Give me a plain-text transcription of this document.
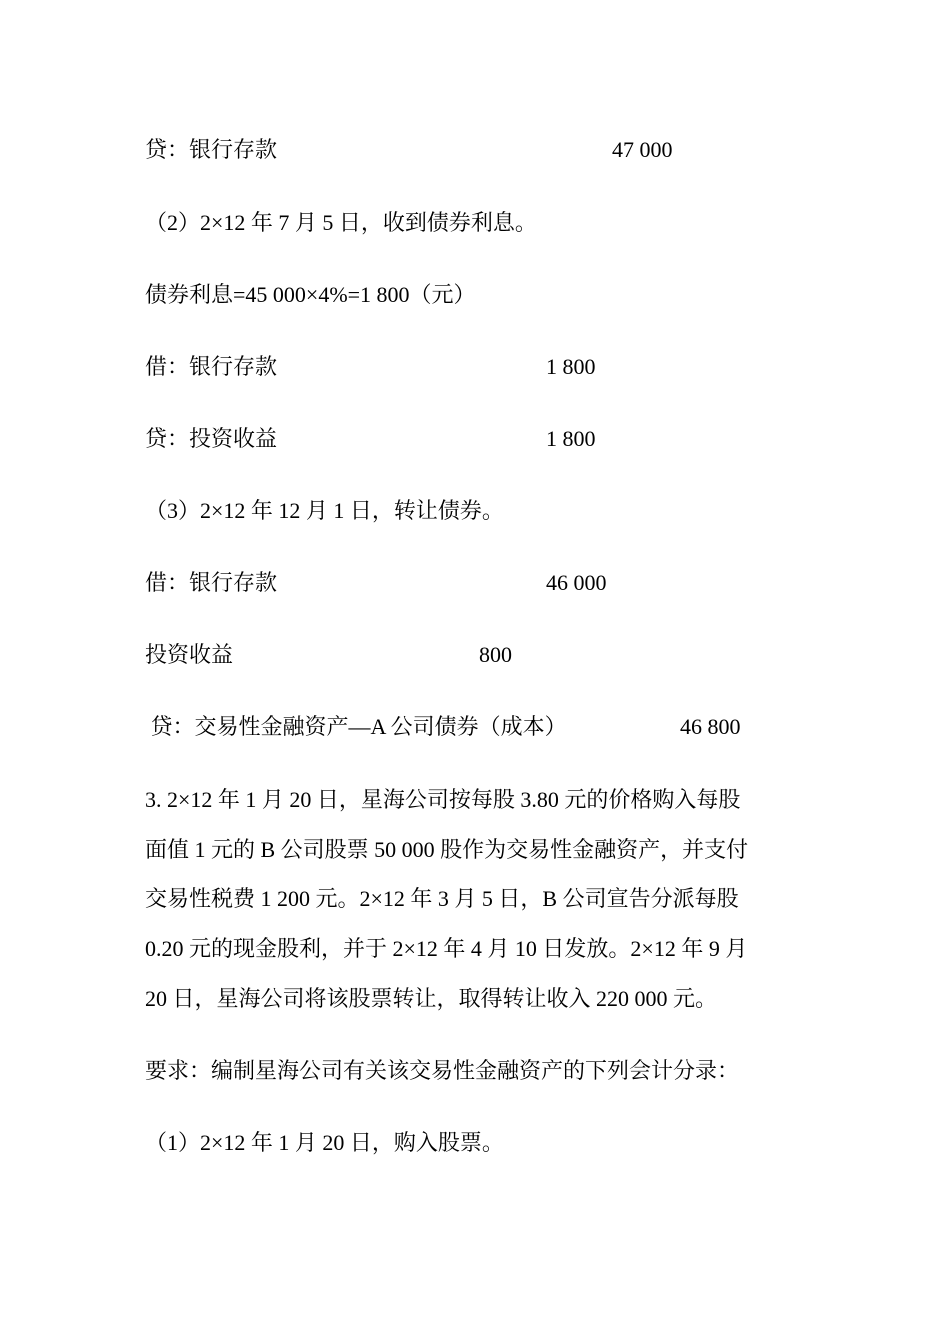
贷：银行存款	47 000
（2）2×12 年 7 月 5 日，收到债券利息。
债券利息=45 000×4%=1 800（元）
借：银行存款	1 800
贷：投资收益	1 800
（3）2×12 年 12 月 1 日，转让债券。
借：银行存款	46 000
投资收益	800
贷：交易性金融资产—A 公司债券（成本）	46 800
3. 2×12 年 1 月 20 日，星海公司按每股 3.80 元的价格购入每股
面值 1 元的 B 公司股票 50 000 股作为交易性金融资产，并支付
交易性税费 1 200 元。2×12 年 3 月 5 日，B 公司宣告分派每股
0.20 元的现金股利，并于 2×12 年 4 月 10 日发放。2×12 年 9 月
20 日，星海公司将该股票转让，取得转让收入 220 000 元。
要求：编制星海公司有关该交易性金融资产的下列会计分录：
（1）2×12 年 1 月 20 日，购入股票。
